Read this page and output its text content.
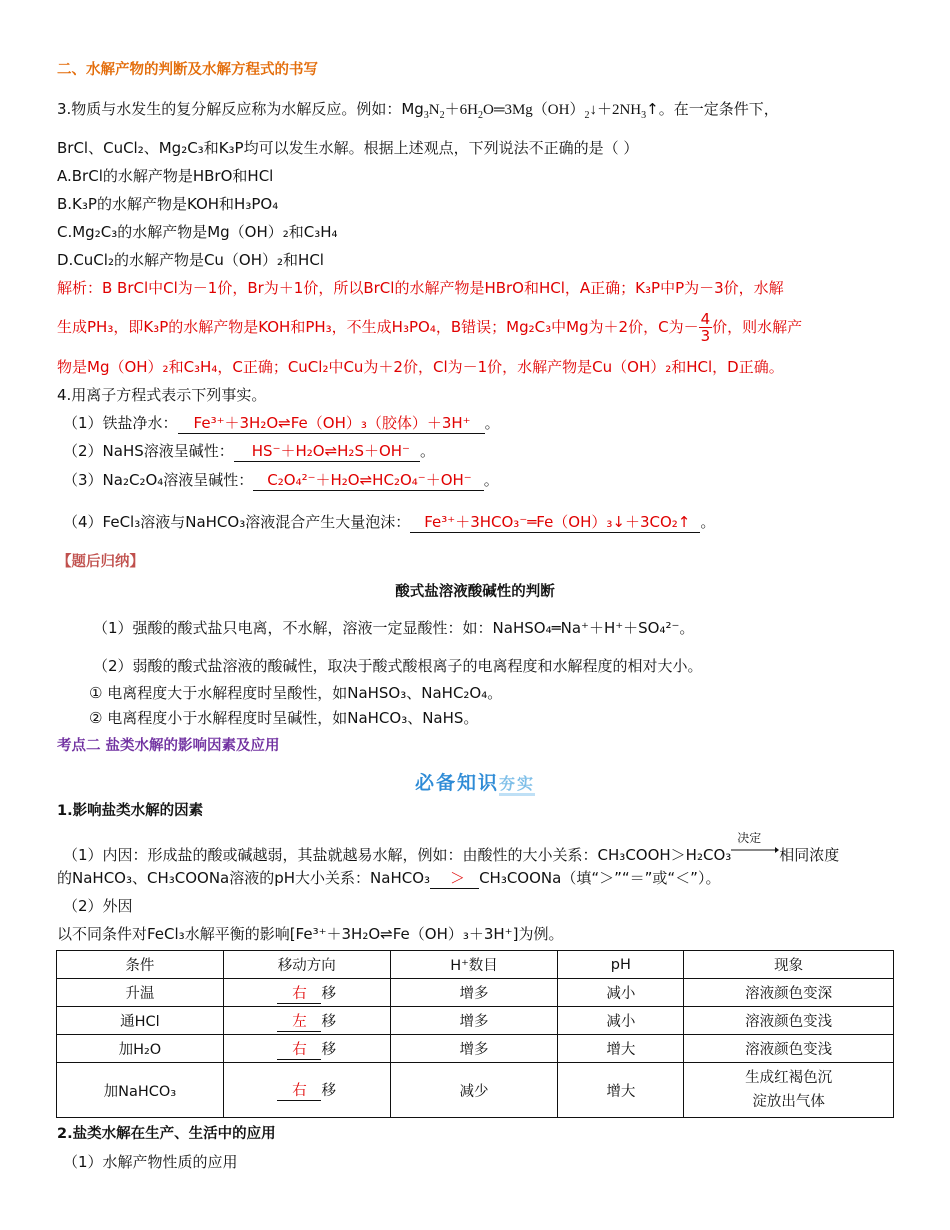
二、水解产物的判断及水解方程式的书写
3.物质与水发生的复分解反应称为水解反应。例如：$Mg_3N_2+6H_2O═3Mg(OH)_2↓+2NH_3↑$。在一定条件下，
BrCl、CuCl₂、Mg₂C₃和K₃P均可以发生水解。根据上述观点，下列说法不正确的是（ ）
A.BrCl的水解产物是HBrO和HCl
B.K₃P的水解产物是KOH和H₃PO₄
C.Mg₂C₃的水解产物是Mg（OH）₂和C₃H₄
D.CuCl₂的水解产物是Cu（OH）₂和HCl
解析：B BrCl中Cl为－1价，Br为＋1价，所以BrCl的水解产物是HBrO和HCl，A正确；K₃P中P为－3价，水解
生成PH₃，即K₃P的水解产物是KOH和PH₃，不生成H₃PO₄，B错误；Mg₂C₃中Mg为＋2价，C为－ $\frac{4}{3}$ 价，则水解产
物是Mg（OH）₂和C₃H₄，C正确；CuCl₂中Cu为＋2价，Cl为－1价，水解产物是Cu（OH）₂和HCl，D正确。
4.用离子方程式表示下列事实。
（1）铁盐净水： Fe³⁺＋3H₂O⇌Fe（OH）₃（胶体）＋3H⁺ 。
（2）NaHS溶液呈碱性： HS⁻＋H₂O⇌H₂S＋OH⁻ 。
（3）Na₂C₂O₄溶液呈碱性： C₂O₄²⁻＋H₂O⇌HC₂O₄⁻＋OH⁻ 。
（4）FeCl₃溶液与NaHCO₃溶液混合产生大量泡沫： Fe³⁺＋3HCO₃⁻═Fe（OH）₃↓＋3CO₂↑ 。
【题后归纳】
酸式盐溶液酸碱性的判断
（1）强酸的酸式盐只电离，不水解，溶液一定显酸性：如：NaHSO₄═Na⁺＋H⁺＋SO₄²⁻。
（2）弱酸的酸式盐溶液的酸碱性，取决于酸式酸根离子的电离程度和水解程度的相对大小。
① 电离程度大于水解程度时呈酸性，如NaHSO₃、NaHC₂O₄。
② 电离程度小于水解程度时呈碱性，如NaHCO₃、NaHS。
考点二 盐类水解的影响因素及应用
必备知识夯实
1.影响盐类水解的因素
（1）内因：形成盐的酸或碱越弱，其盐就越易水解，例如：由酸性的大小关系：CH₃COOH＞H₂CO₃
决定
相同浓度
的NaHCO₃、CH₃COONa溶液的pH大小关系：NaHCO₃ ＞ CH₃COONa（填“＞”“＝”或“＜”）。
（2）外因
以不同条件对FeCl₃水解平衡的影响[Fe³⁺＋3H₂O⇌Fe（OH）₃＋3H⁺]为例。
条件	移动方向	H⁺数目	pH	现象
升温	右 移	增多	减小	溶液颜色变深
通HCl	左 移	增多	减小	溶液颜色变浅
加H₂O	右 移	增多	增大	溶液颜色变浅
加NaHCO₃	右 移	减少	增大	生成红褐色沉
淀放出气体
2.盐类水解在生产、生活中的应用
（1）水解产物性质的应用
